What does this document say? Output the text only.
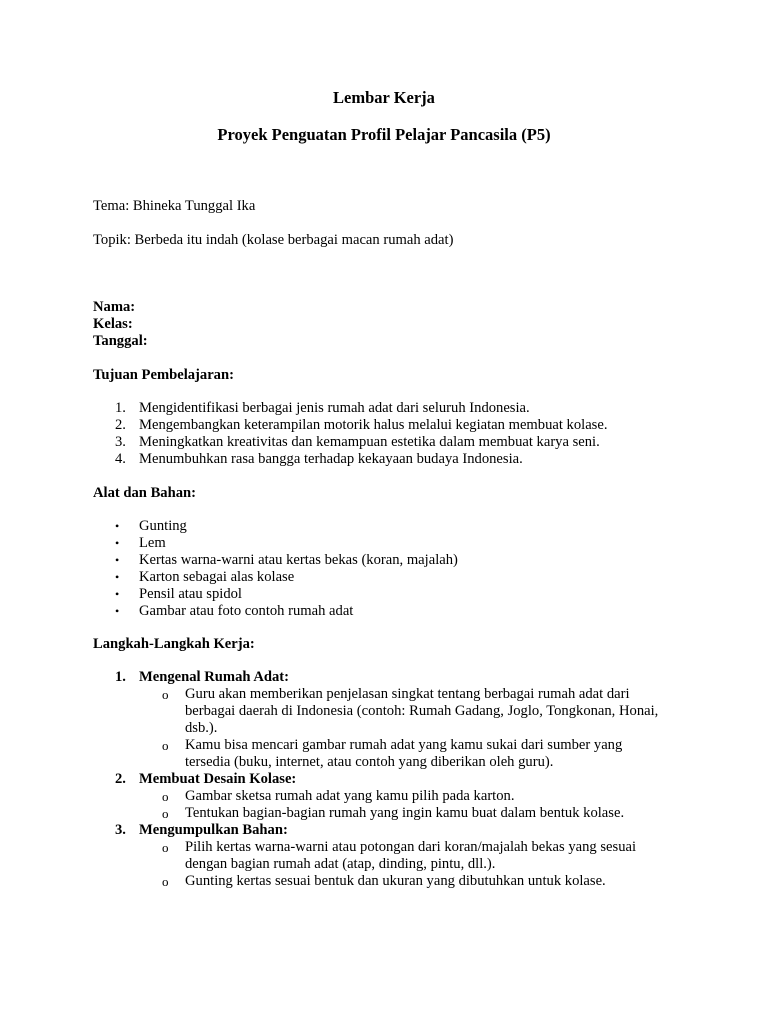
Lembar Kerja
Proyek Penguatan Profil Pelajar Pancasila (P5)
Tema: Bhineka Tunggal Ika
Topik: Berbeda itu indah (kolase berbagai macan rumah adat)
Nama:
Kelas:
Tanggal:
Tujuan Pembelajaran:
1. Mengidentifikasi berbagai jenis rumah adat dari seluruh Indonesia.
2. Mengembangkan keterampilan motorik halus melalui kegiatan membuat kolase.
3. Meningkatkan kreativitas dan kemampuan estetika dalam membuat karya seni.
4. Menumbuhkan rasa bangga terhadap kekayaan budaya Indonesia.
Alat dan Bahan:
• Gunting
• Lem
• Kertas warna-warni atau kertas bekas (koran, majalah)
• Karton sebagai alas kolase
• Pensil atau spidol
• Gambar atau foto contoh rumah adat
Langkah-Langkah Kerja:
1. Mengenal Rumah Adat:
o Guru akan memberikan penjelasan singkat tentang berbagai rumah adat dari berbagai daerah di Indonesia (contoh: Rumah Gadang, Joglo, Tongkonan, Honai, dsb.).
o Kamu bisa mencari gambar rumah adat yang kamu sukai dari sumber yang tersedia (buku, internet, atau contoh yang diberikan oleh guru).
2. Membuat Desain Kolase:
o Gambar sketsa rumah adat yang kamu pilih pada karton.
o Tentukan bagian-bagian rumah yang ingin kamu buat dalam bentuk kolase.
3. Mengumpulkan Bahan:
o Pilih kertas warna-warni atau potongan dari koran/majalah bekas yang sesuai dengan bagian rumah adat (atap, dinding, pintu, dll.).
o Gunting kertas sesuai bentuk dan ukuran yang dibutuhkan untuk kolase.
